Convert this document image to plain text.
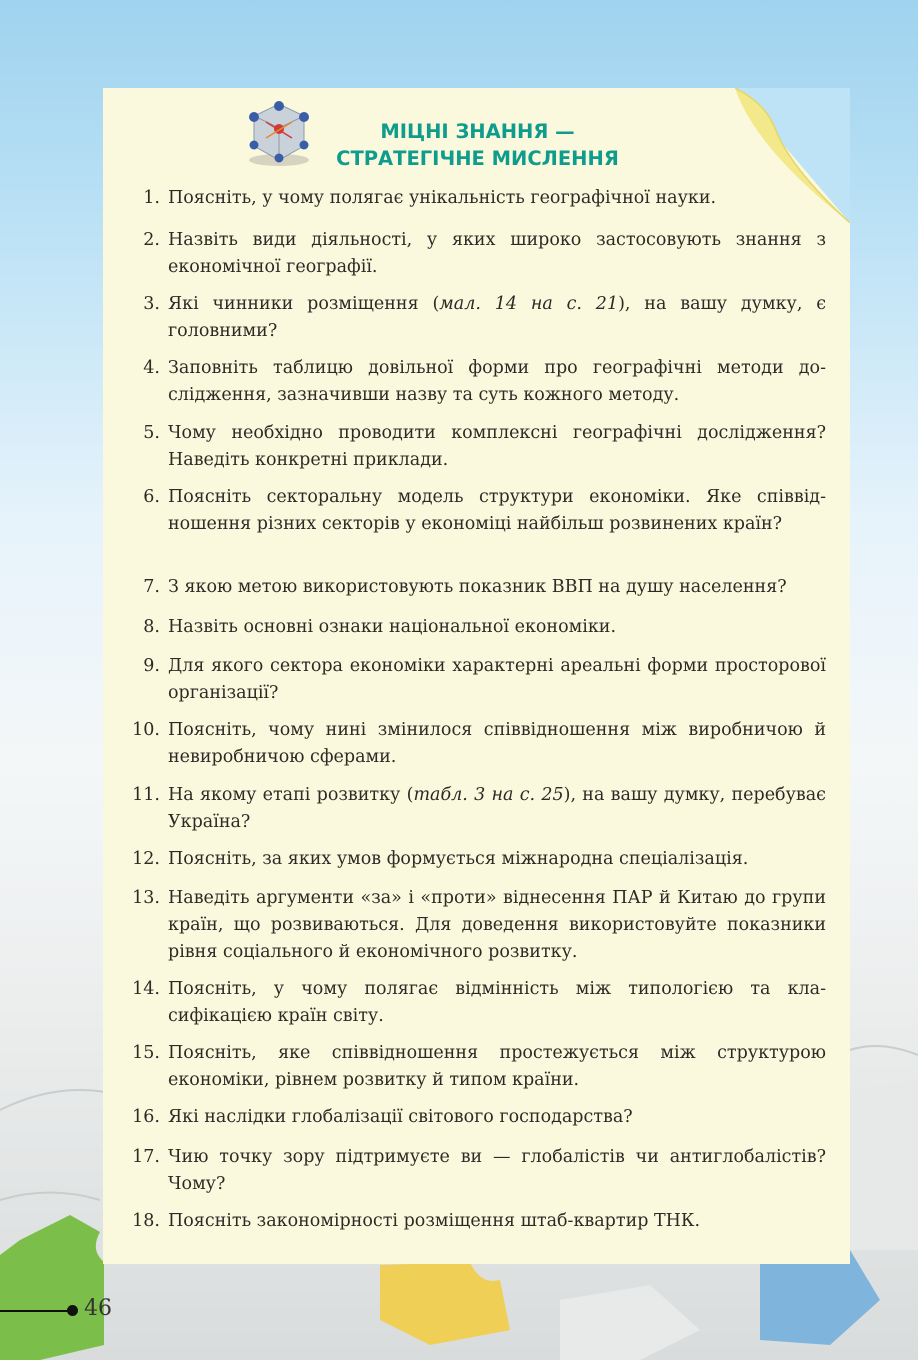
МІЦНІ ЗНАННЯ —
СТРАТЕГІЧНЕ МИСЛЕННЯ
1. Поясніть, у чому полягає унікальність географічної науки.
2. Назвіть види діяльності, у яких широко застосовують знання з економічної географії.
3. Які чинники розміщення (мал. 14 на с. 21), на вашу думку, є головними?
4. Заповніть таблицю довільної форми про географічні методи дослідження, зазначивши назву та суть кожного методу.
5. Чому необхідно проводити комплексні географічні дослідження? Наведіть конкретні приклади.
6. Поясніть секторальну модель структури економіки. Яке співвідношення різних секторів у економіці найбільш розвинених країн?
7. З якою метою використовують показник ВВП на душу населення?
8. Назвіть основні ознаки національної економіки.
9. Для якого сектора економіки характерні ареальні форми просторової організації?
10. Поясніть, чому нині змінилося співвідношення між виробничою й невиробничою сферами.
11. На якому етапі розвитку (табл. 3 на с. 25), на вашу думку, перебуває Україна?
12. Поясніть, за яких умов формується міжнародна спеціалізація.
13. Наведіть аргументи «за» і «проти» віднесення ПАР й Китаю до групи країн, що розвиваються. Для доведення використовуйте показники рівня соціального й економічного розвитку.
14. Поясніть, у чому полягає відмінність між типологією та класифікацією країн світу.
15. Поясніть, яке співвідношення простежується між структурою економіки, рівнем розвитку й типом країни.
16. Які наслідки глобалізації світового господарства?
17. Чию точку зору підтримуєте ви — глобалістів чи антиглобалістів? Чому?
18. Поясніть закономірності розміщення штаб-квартир ТНК.
46
